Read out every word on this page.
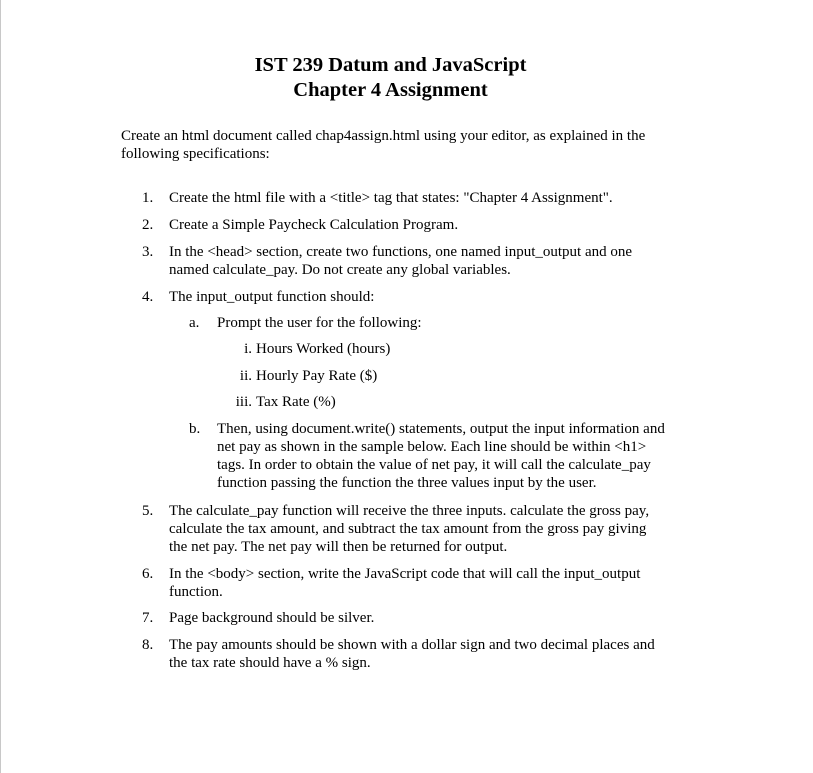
IST 239 Datum and JavaScript
Chapter 4 Assignment
Create an html document called chap4assign.html using your editor, as explained in the
following specifications:
1. Create the html file with a <title> tag that states: "Chapter 4 Assignment".
2. Create a Simple Paycheck Calculation Program.
3. In the <head> section, create two functions, one named input_output and one
named calculate_pay. Do not create any global variables.
4. The input_output function should:
a. Prompt the user for the following:
i. Hours Worked (hours)
ii. Hourly Pay Rate ($)
iii. Tax Rate (%)
b. Then, using document.write() statements, output the input information and
net pay as shown in the sample below. Each line should be within <h1>
tags. In order to obtain the value of net pay, it will call the calculate_pay
function passing the function the three values input by the user.
5. The calculate_pay function will receive the three inputs. calculate the gross pay,
calculate the tax amount, and subtract the tax amount from the gross pay giving
the net pay. The net pay will then be returned for output.
6. In the <body> section, write the JavaScript code that will call the input_output
function.
7. Page background should be silver.
8. The pay amounts should be shown with a dollar sign and two decimal places and
the tax rate should have a % sign.
